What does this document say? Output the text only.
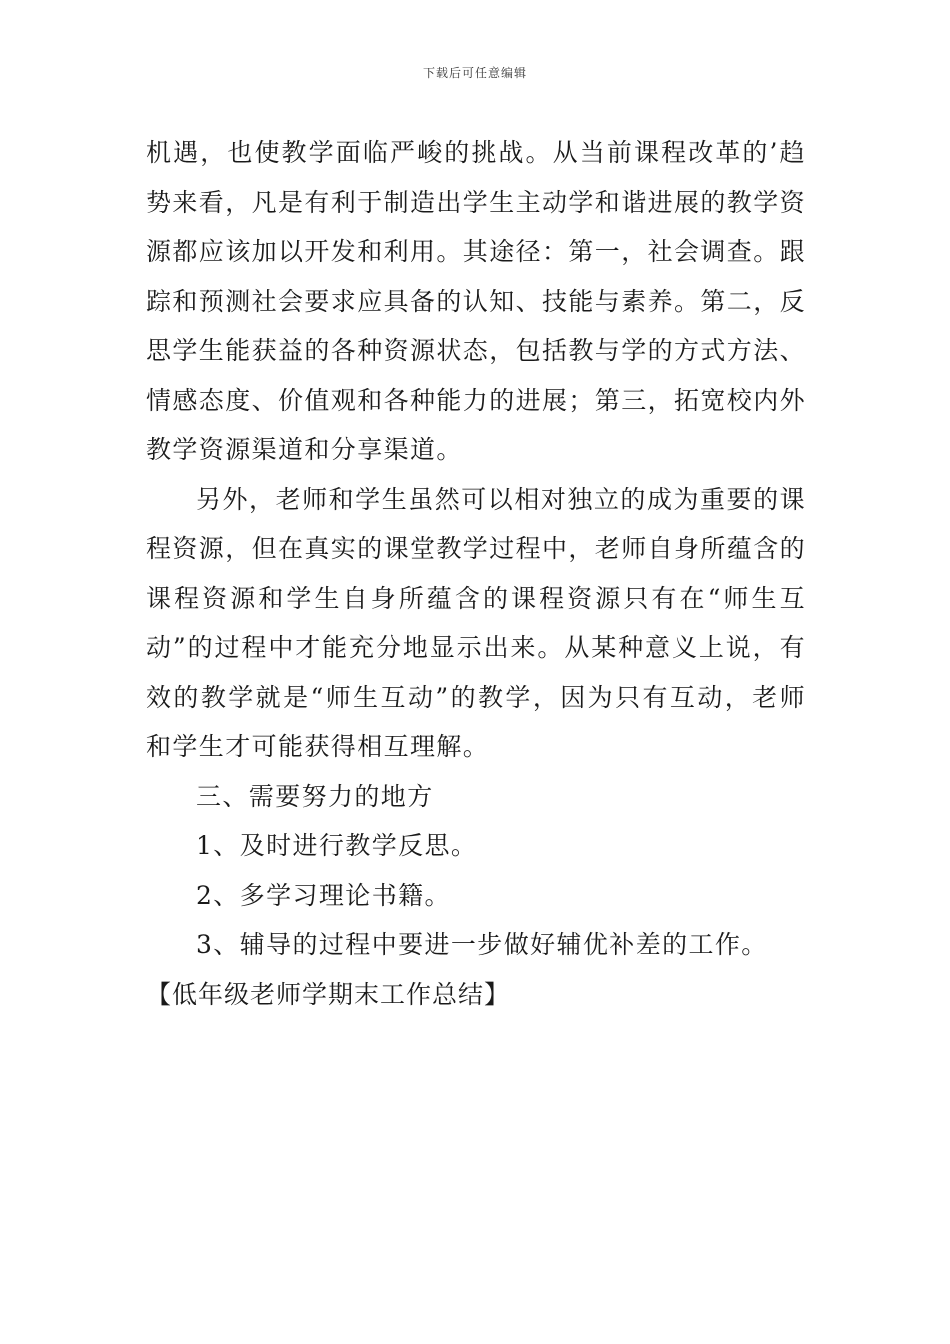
下载后可任意编辑

机遇，也使教学面临严峻的挑战。从当前课程改革的’趋势来看，凡是有利于制造出学生主动学和谐进展的教学资源都应该加以开发和利用。其途径：第一，社会调查。跟踪和预测社会要求应具备的认知、技能与素养。第二，反思学生能获益的各种资源状态，包括教与学的方式方法、情感态度、价值观和各种能力的进展；第三，拓宽校内外教学资源渠道和分享渠道。

另外，老师和学生虽然可以相对独立的成为重要的课程资源，但在真实的课堂教学过程中，老师自身所蕴含的课程资源和学生自身所蕴含的课程资源只有在“师生互动”的过程中才能充分地显示出来。从某种意义上说，有效的教学就是“师生互动”的教学，因为只有互动，老师和学生才可能获得相互理解。

三、需要努力的地方

1、及时进行教学反思。

2、多学习理论书籍。

3、辅导的过程中要进一步做好辅优补差的工作。

【低年级老师学期末工作总结】
